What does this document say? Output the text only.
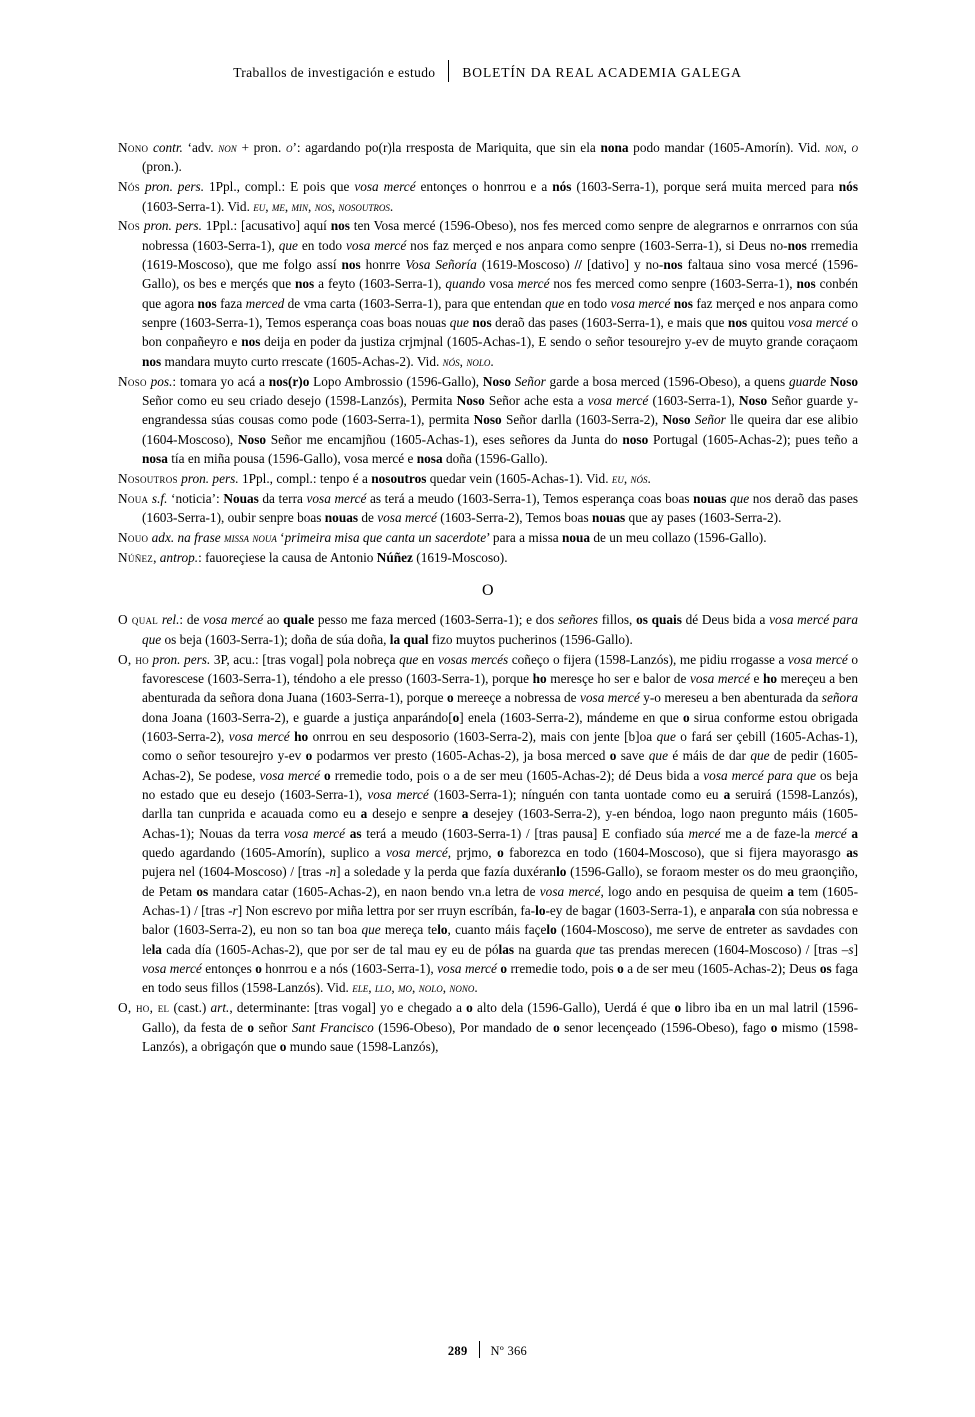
Traballos de investigación e estudo BOLETÍN DA REAL ACADEMIA GALEGA

Nono contr. ‘adv. non + pron. o’: agardando po(r)la rresposta de Mariquita, que sin ela nona podo mandar (1605-Amorín). Vid. non, o (pron.).

Nós pron. pers. 1Ppl., compl.: E pois que vosa mercé entonçes o honrrou e a nós (1603-Serra-1), porque será muita merced para nós (1603-Serra-1). Vid. eu, me, min, nos, nosoutros.

Nos pron. pers. 1Ppl.: [acusativo] aquí nos ten Vosa mercé (1596-Obeso), nos fes merced como senpre de alegrarnos e onrrarnos con súa nobressa (1603-Serra-1), que en todo vosa mercé nos faz merçed e nos anpara como senpre (1603-Serra-1), si Deus no-nos rremedia (1619-Moscoso), que me folgo assí nos honrre Vosa Señoría (1619-Moscoso) // [dativo] y no-nos faltaua sino vosa mercé (1596-Gallo), os bes e merçés que nos a feyto (1603-Serra-1), quando vosa mercé nos fes merced como senpre (1603-Serra-1), nos conbén que agora nos faza merced de vma carta (1603-Serra-1), para que entendan que en todo vosa mercé nos faz merçed e nos anpara como senpre (1603-Serra-1), Temos esperança coas boas nouas que nos deraõ das pases (1603-Serra-1), e mais que nos quitou vosa mercé o bon conpañeyro e nos deija en poder da justiza crjmjnal (1605-Achas-1), E sendo o señor tesourejro y-ev de muyto grande coraçaom nos mandara muyto curto rrescate (1605-Achas-2). Vid. nós, nolo.

Noso pos.: tomara yo acá a nos(r)o Lopo Ambrossio (1596-Gallo), Noso Señor garde a bosa merced (1596-Obeso), a quens guarde Noso Señor como eu seu criado desejo (1598-Lanzós), Permita Noso Señor ache esta a vosa mercé (1603-Serra-1), Noso Señor guarde y-engrandessa súas cousas como pode (1603-Serra-1), permita Noso Señor darlla (1603-Serra-2), Noso Señor lle queira dar ese alibio (1604-Moscoso), Noso Señor me encamjñou (1605-Achas-1), eses señores da Junta do noso Portugal (1605-Achas-2); pues teño a nosa tía en miña pousa (1596-Gallo), vosa mercé e nosa doña (1596-Gallo).

Nosoutros pron. pers. 1Ppl., compl.: tenpo é a nosoutros quedar vein (1605-Achas-1). Vid. eu, nós.

Noua s.f. ‘noticia’: Nouas da terra vosa mercé as terá a meudo (1603-Serra-1), Temos esperança coas boas nouas que nos deraõ das pases (1603-Serra-1), oubir senpre boas nouas de vosa mercé (1603-Serra-2), Temos boas nouas que ay pases (1603-Serra-2).

Nouo adx. na frase missa noua ‘primeira misa que canta un sacerdote’ para a missa noua de un meu collazo (1596-Gallo).

Núñez, antrop.: fauoreçiese la causa de Antonio Núñez (1619-Moscoso).

O

O qual rel.: de vosa mercé ao quale pesso me faza merced (1603-Serra-1); e dos señores fillos, os quais dé Deus bida a vosa mercé para que os beja (1603-Serra-1); doña de súa doña, la qual fizo muytos pucherinos (1596-Gallo).

O, ho pron. pers. 3P, acu.: [tras vogal] pola nobreça que en vosas mercés coñeço o fijera (1598-Lanzós), me pidiu rrogasse a vosa mercé o favorescese (1603-Serra-1), téndoho a ele presso (1603-Serra-1), porque ho meresçe ho ser e balor de vosa mercé e ho mereçeu a ben abenturada da señora dona Juana (1603-Serra-1), porque o mereeçe a nobressa de vosa mercé y-o mereseu a ben abenturada da señora dona Joana (1603-Serra-2), e guarde a justiça anparándo[o] enela (1603-Serra-2), mándeme en que o sirua conforme estou obrigada (1603-Serra-2), vosa mercé ho onrrou en seu desposorio (1603-Serra-2), mais con jente [b]oa que o fará ser çebill (1605-Achas-1), como o señor tesourejro y-ev o podarmos ver presto (1605-Achas-2), ja bosa merced o save que é máis de dar que de pedir (1605-Achas-2), Se podese, vosa mercé o rremedie todo, pois o a de ser meu (1605-Achas-2); dé Deus bida a vosa mercé para que os beja no estado que eu desejo (1603-Serra-1), vosa mercé (1603-Serra-1); nínguén con tanta uontade como eu a seruirá (1598-Lanzós), darlla tan cunprida e acauada como eu a desejo e senpre a desejey (1603-Serra-2), y-en béndoa, logo naon pregunto máis (1605-Achas-1); Nouas da terra vosa mercé as terá a meudo (1603-Serra-1) / [tras pausa] E confiado súa mercé me a de faze-la mercé a quedo agardando (1605-Amorín), suplico a vosa mercé, prjmo, o faborezca en todo (1604-Moscoso), que si fijera mayorasgo as pujera nel (1604-Moscoso) / [tras -n] a soledade y la perda que fazía duxéranlo (1596-Gallo), se foraom mester os do meu graonçiño, de Petam os mandara catar (1605-Achas-2), en naon bendo vn.a letra de vosa mercé, logo ando en pesquisa de queim a tem (1605-Achas-1) / [tras -r] Non escrevo por miña lettra por ser rruyn escríbán, fa-lo-ey de bagar (1603-Serra-1), e anparala con súa nobressa e balor (1603-Serra-2), eu non so tan boa que mereça telo, cuanto máis façelo (1604-Moscoso), me serve de entreter as savdades con lela cada día (1605-Achas-2), que por ser de tal mau ey eu de pólas na guarda que tas prendas merecen (1604-Moscoso) / [tras –s] vosa mercé entonçes o honrrou e a nós (1603-Serra-1), vosa mercé o rremedie todo, pois o a de ser meu (1605-Achas-2); Deus os faga en todo seus fillos (1598-Lanzós). Vid. ele, llo, mo, nolo, nono.

O, ho, el (cast.) art., determinante: [tras vogal] yo e chegado a o alto dela (1596-Gallo), Uerdá é que o libro iba en un mal latril (1596-Gallo), da festa de o señor Sant Francisco (1596-Obeso), Por mandado de o senor lecençeado (1596-Obeso), fago o mismo (1598-Lanzós), a obrigaçón que o mundo saue (1598-Lanzós),

289 Nº 366
